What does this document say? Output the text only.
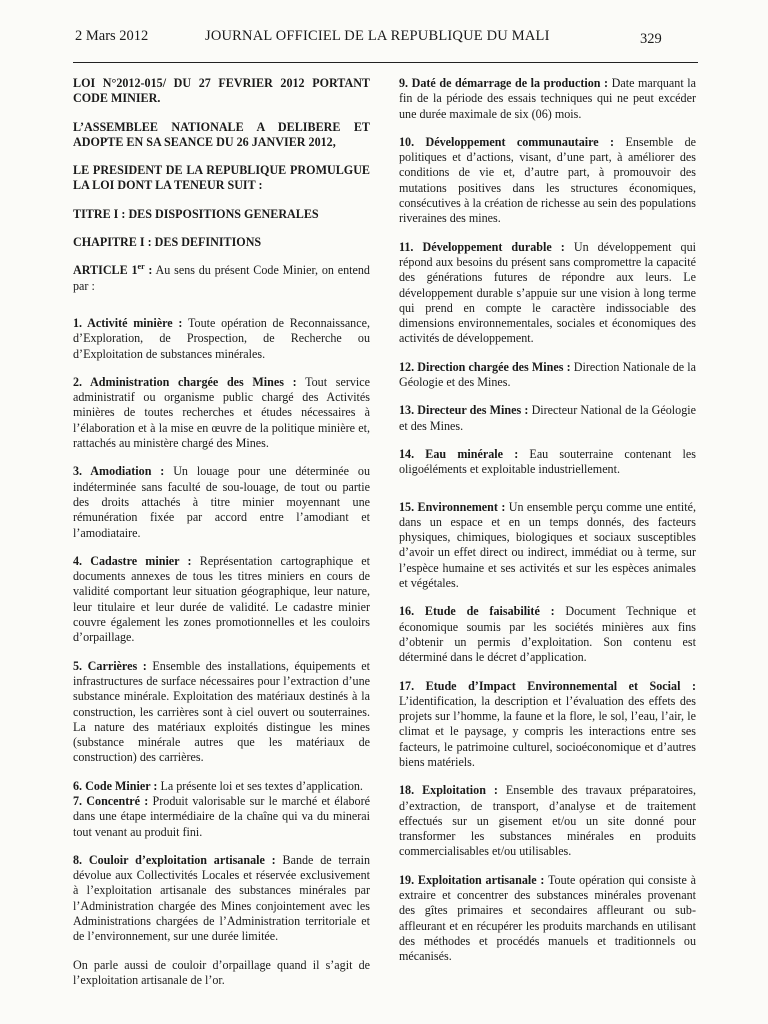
2 Mars 2012	JOURNAL OFFICIEL DE LA REPUBLIQUE DU MALI	329

LOI N°2012-015/ DU 27 FEVRIER 2012 PORTANT CODE MINIER.

L’ASSEMBLEE NATIONALE A DELIBERE ET ADOPTE EN SA SEANCE DU 26 JANVIER 2012,

LE PRESIDENT DE LA REPUBLIQUE PROMULGUE LA LOI DONT LA TENEUR SUIT :

TITRE I : DES DISPOSITIONS GENERALES

CHAPITRE I : DES DEFINITIONS

ARTICLE 1er : Au sens du présent Code Minier, on entend par :

1. Activité minière : Toute opération de Reconnaissance, d’Exploration, de Prospection, de Recherche ou d’Exploitation de substances minérales.

2. Administration chargée des Mines : Tout service administratif ou organisme public chargé des Activités minières de toutes recherches et études nécessaires à l’élaboration et à la mise en œuvre de la politique minière et, rattachés au ministère chargé des Mines.

3. Amodiation : Un louage pour une déterminée ou indéterminée sans faculté de sou-louage, de tout ou partie des droits attachés à titre minier moyennant une rémunération fixée par accord entre l’amodiant et l’amodiataire.

4. Cadastre minier : Représentation cartographique et documents annexes de tous les titres miniers en cours de validité comportant leur situation géographique, leur nature, leur titulaire et leur durée de validité. Le cadastre minier couvre également les zones promotionnelles et les couloirs d’orpaillage.

5. Carrières : Ensemble des installations, équipements et infrastructures de surface nécessaires pour l’extraction d’une substance minérale. Exploitation des matériaux destinés à la construction, les carrières sont à ciel ouvert ou souterraines. La nature des matériaux exploités distingue les mines (substance minérale autres que les matériaux de construction) des carrières.

6. Code Minier : La présente loi et ses textes d’application.

7. Concentré : Produit valorisable sur le marché et élaboré dans une étape intermédiaire de la chaîne qui va du minerai tout venant au produit fini.

8. Couloir d’exploitation artisanale : Bande de terrain dévolue aux Collectivités Locales et réservée exclusivement à l’exploitation artisanale des substances minérales par l’Administration chargée des Mines conjointement avec les Administrations chargées de l’Administration territoriale et de l’environnement, sur une durée limitée.

On parle aussi de couloir d’orpaillage quand il s’agit de l’exploitation artisanale de l’or.

9. Daté de démarrage de la production : Date marquant la fin de la période des essais techniques qui ne peut excéder une durée maximale de six (06) mois.

10. Développement communautaire : Ensemble de politiques et d’actions, visant, d’une part, à améliorer des conditions de vie et, d’autre part, à promouvoir des mutations positives dans les structures économiques, consécutives à la création de richesse au sein des populations riveraines des mines.

11. Développement durable : Un développement qui répond aux besoins du présent sans compromettre la capacité des générations futures de répondre aux leurs. Le développement durable s’appuie sur une vision à long terme qui prend en compte le caractère indissociable des dimensions environnementales, sociales et économiques des activités de développement.

12. Direction chargée des Mines : Direction Nationale de la Géologie et des Mines.

13. Directeur des Mines : Directeur National de la Géologie et des Mines.

14. Eau minérale : Eau souterraine contenant les oligoéléments et exploitable industriellement.

15. Environnement : Un ensemble perçu comme une entité, dans un espace et en un temps donnés, des facteurs physiques, chimiques, biologiques et sociaux susceptibles d’avoir un effet direct ou indirect, immédiat ou à terme, sur l’espèce humaine et ses activités et sur les espèces animales et végétales.

16. Etude de faisabilité : Document Technique et économique soumis par les sociétés minières aux fins d’obtenir un permis d’exploitation. Son contenu est déterminé dans le décret d’application.

17. Etude d’Impact Environnemental et Social : L’identification, la description et l’évaluation des effets des projets sur l’homme, la faune et la flore, le sol, l’eau, l’air, le climat et le paysage, y compris les interactions entre ses facteurs, le patrimoine culturel, socioéconomique et d’autres biens matériels.

18. Exploitation : Ensemble des travaux préparatoires, d’extraction, de transport, d’analyse et de traitement effectués sur un gisement et/ou un site donné pour transformer les substances minérales en produits commercialisables et/ou utilisables.

19. Exploitation artisanale : Toute opération qui consiste à extraire et concentrer des substances minérales provenant des gîtes primaires et secondaires affleurant ou sub-affleurant et en récupérer les produits marchands en utilisant des méthodes et procédés manuels et traditionnels ou mécanisés.
